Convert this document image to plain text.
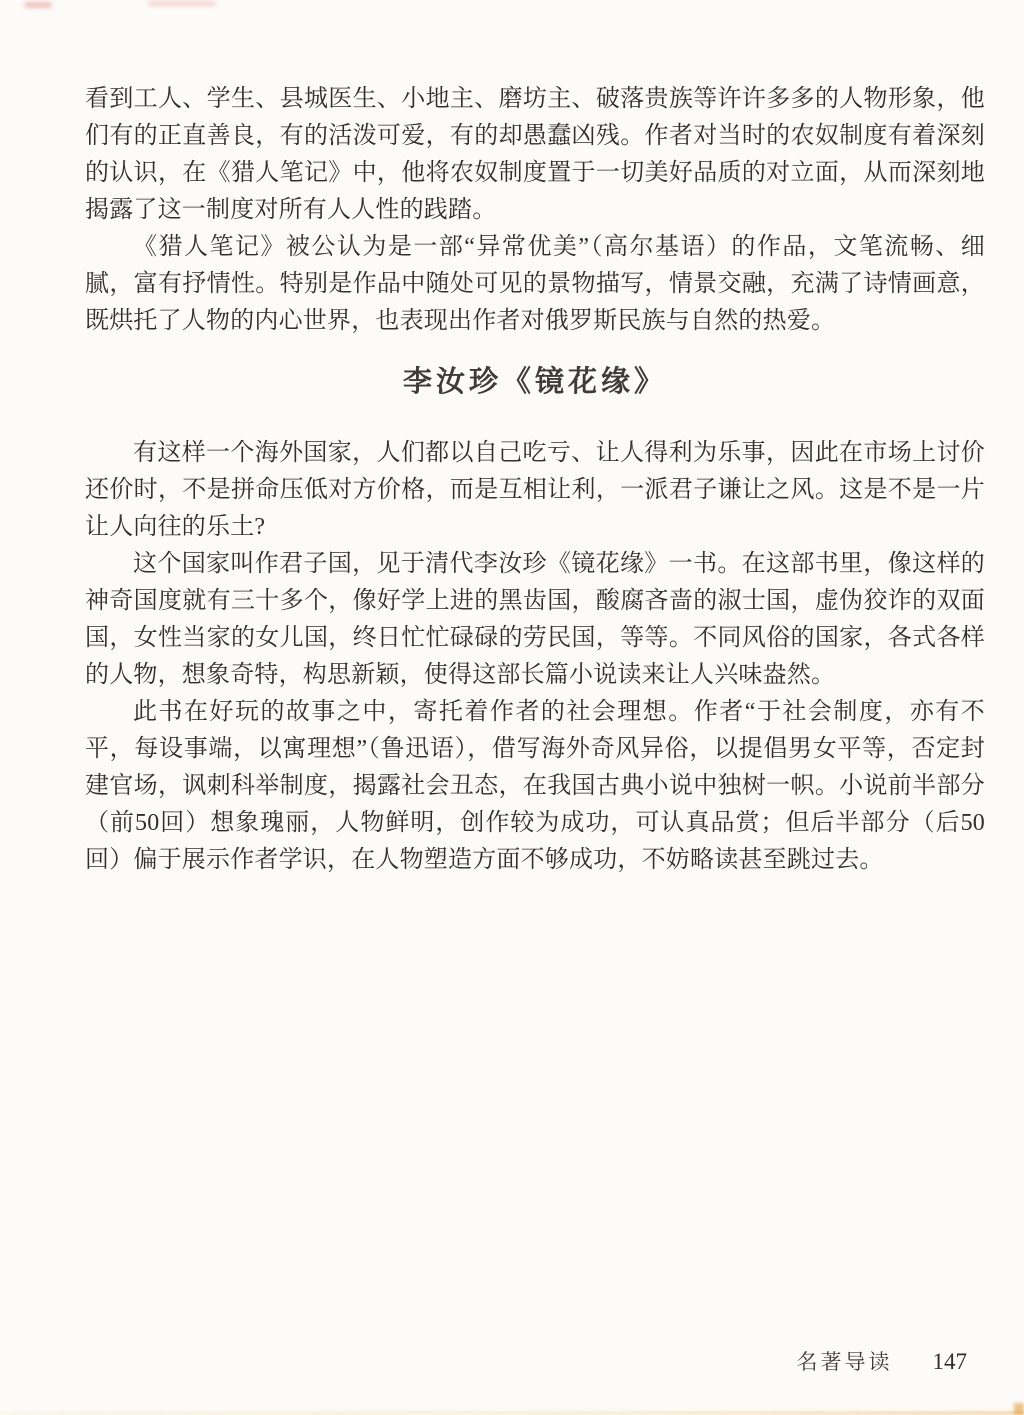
看到工人、学生、县城医生、小地主、磨坊主、破落贵族等许许多多的人物形象，他们有的正直善良，有的活泼可爱，有的却愚蠢凶残。作者对当时的农奴制度有着深刻的认识，在《猎人笔记》中，他将农奴制度置于一切美好品质的对立面，从而深刻地揭露了这一制度对所有人人性的践踏。

《猎人笔记》被公认为是一部“异常优美”（高尔基语）的作品，文笔流畅、细腻，富有抒情性。特别是作品中随处可见的景物描写，情景交融，充满了诗情画意，既烘托了人物的内心世界，也表现出作者对俄罗斯民族与自然的热爱。

李汝珍《镜花缘》

有这样一个海外国家，人们都以自己吃亏、让人得利为乐事，因此在市场上讨价还价时，不是拼命压低对方价格，而是互相让利，一派君子谦让之风。这是不是一片让人向往的乐土?

这个国家叫作君子国，见于清代李汝珍《镜花缘》一书。在这部书里，像这样的神奇国度就有三十多个，像好学上进的黑齿国，酸腐吝啬的淑士国，虚伪狡诈的双面国，女性当家的女儿国，终日忙忙碌碌的劳民国，等等。不同风俗的国家，各式各样的人物，想象奇特，构思新颖，使得这部长篇小说读来让人兴味盎然。

此书在好玩的故事之中，寄托着作者的社会理想。作者“于社会制度，亦有不平，每设事端，以寓理想”（鲁迅语），借写海外奇风异俗，以提倡男女平等，否定封建官场，讽刺科举制度，揭露社会丑态，在我国古典小说中独树一帜。小说前半部分（前50回）想象瑰丽，人物鲜明，创作较为成功，可认真品赏；但后半部分（后50回）偏于展示作者学识，在人物塑造方面不够成功，不妨略读甚至跳过去。

名著导读 147
